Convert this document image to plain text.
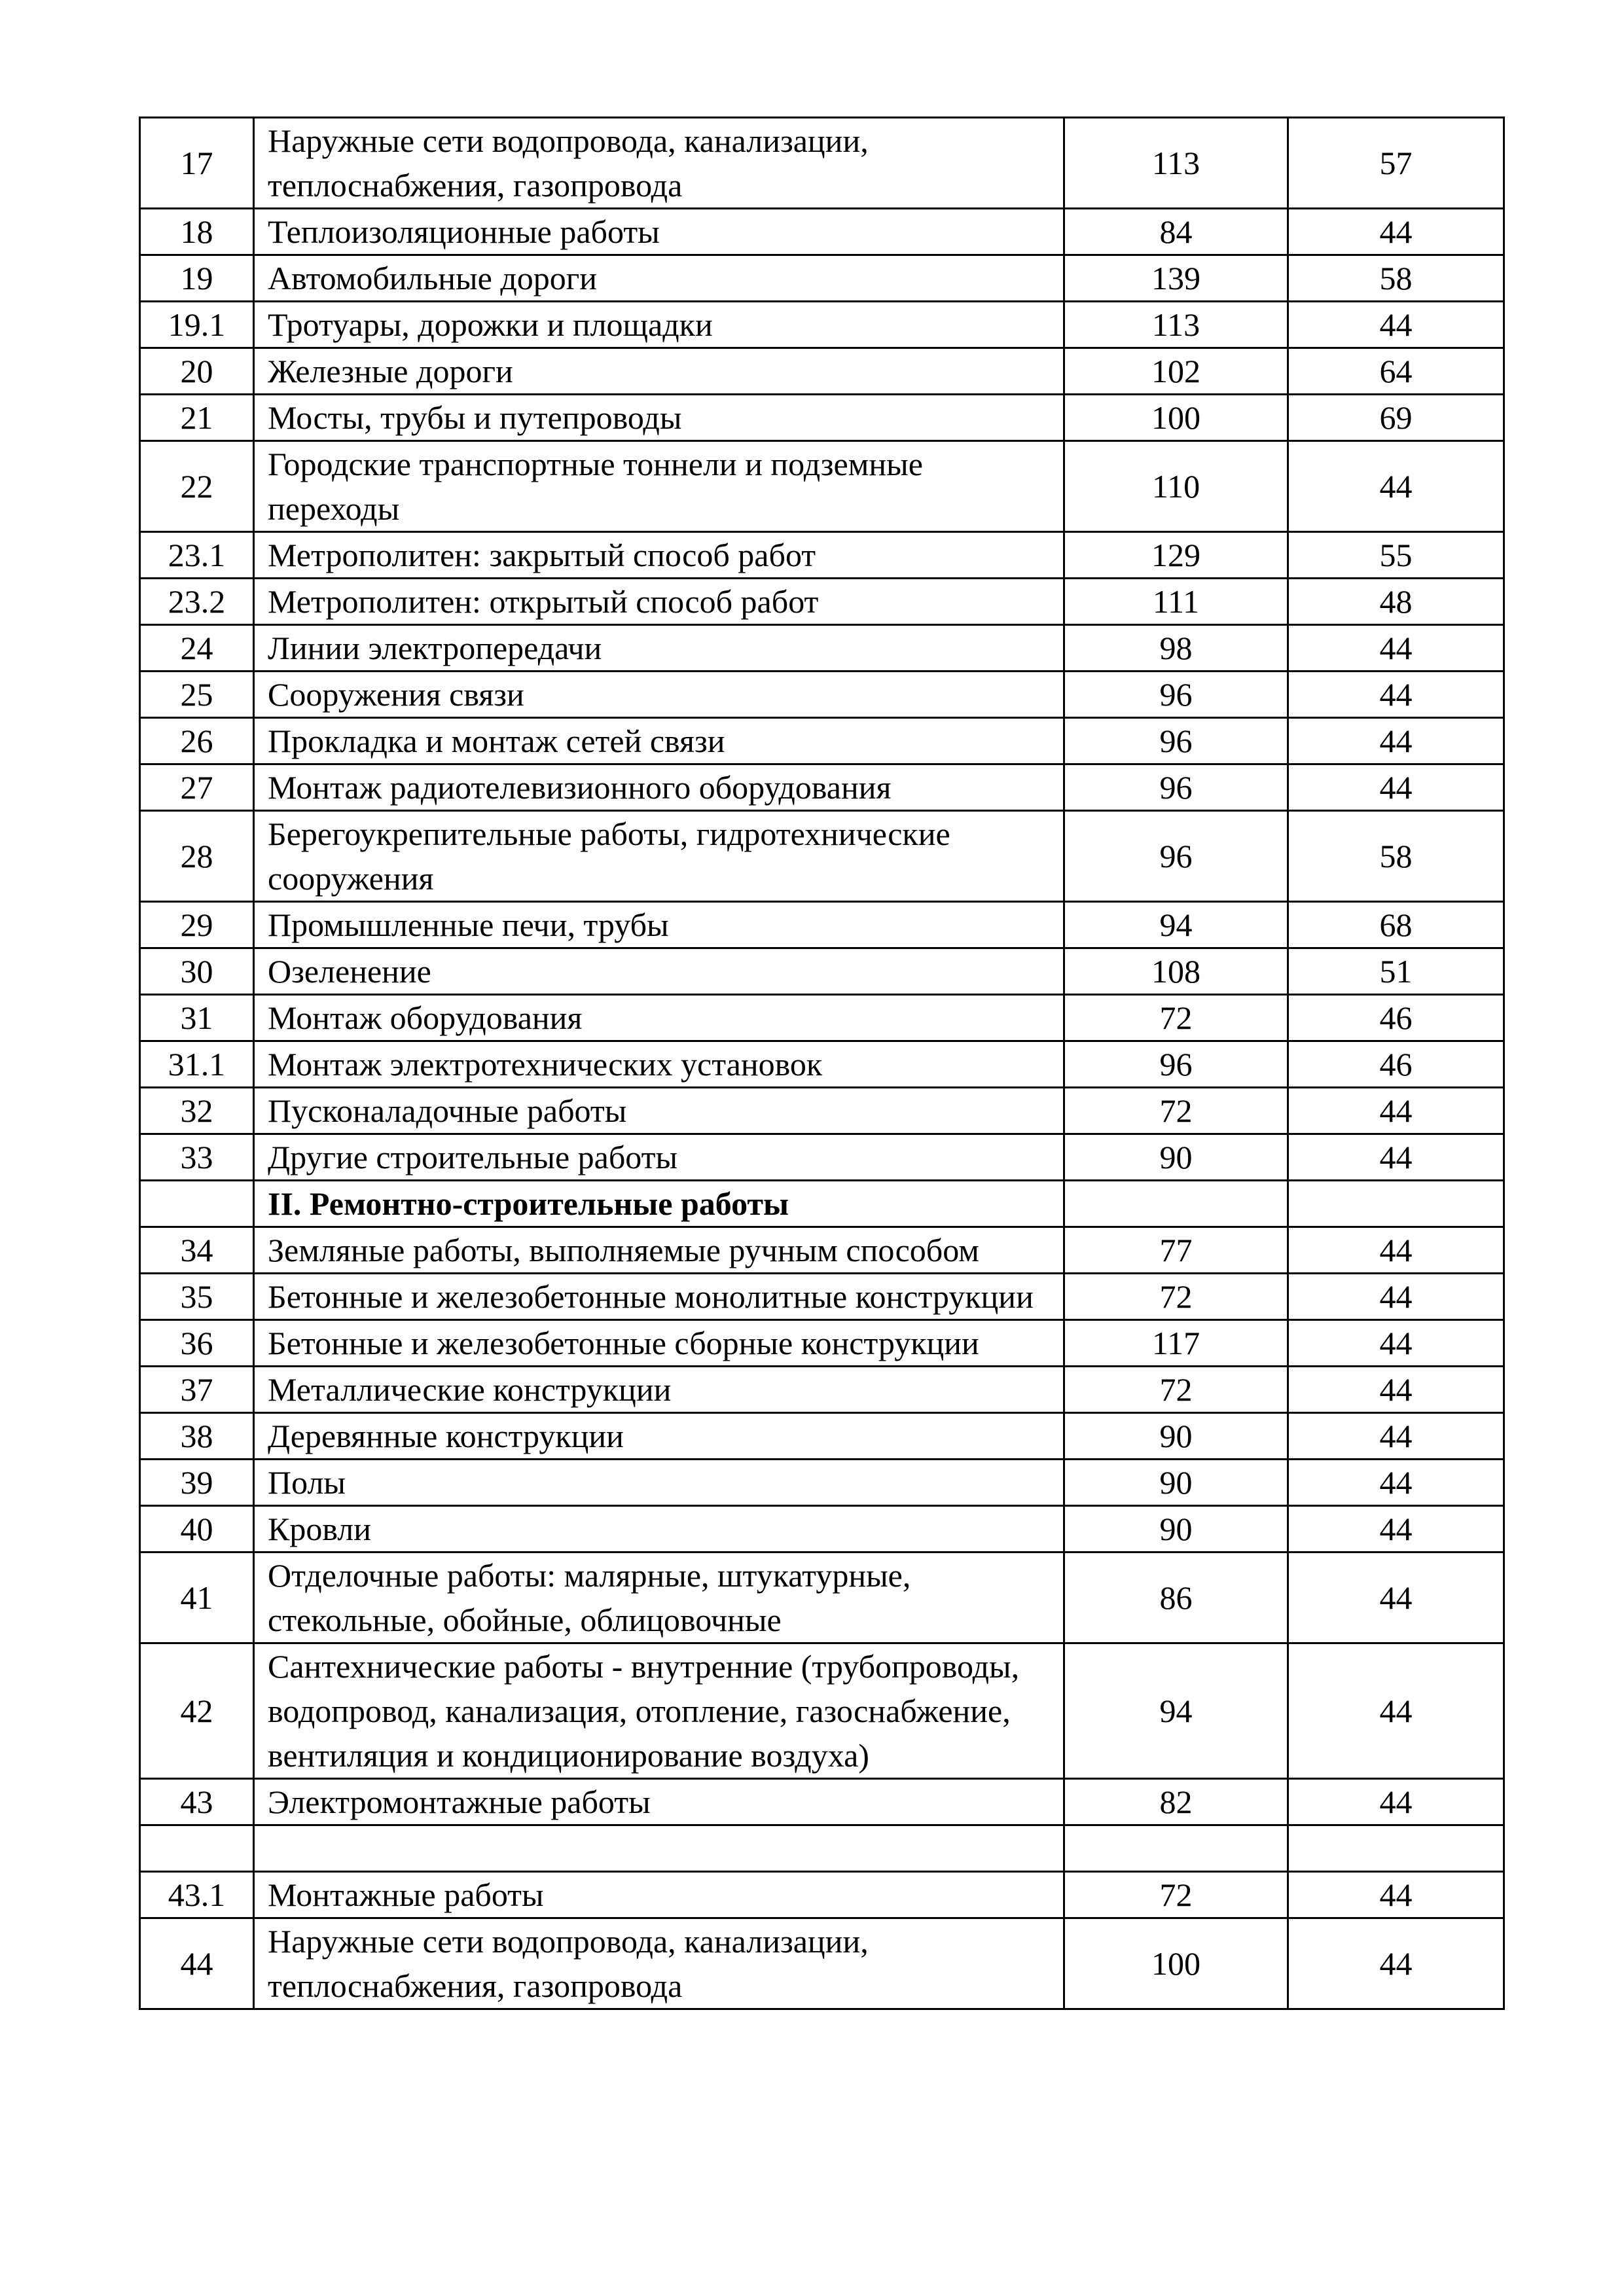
17	Наружные сети водопровода, канализации, теплоснабжения, газопровода	113	57
18	Теплоизоляционные работы	84	44
19	Автомобильные дороги	139	58
19.1	Тротуары, дорожки и площадки	113	44
20	Железные дороги	102	64
21	Мосты, трубы и путепроводы	100	69
22	Городские транспортные тоннели и подземные переходы	110	44
23.1	Метрополитен: закрытый способ работ	129	55
23.2	Метрополитен: открытый способ работ	111	48
24	Линии электропередачи	98	44
25	Сооружения связи	96	44
26	Прокладка и монтаж сетей связи	96	44
27	Монтаж радиотелевизионного оборудования	96	44
28	Берегоукрепительные работы, гидротехнические сооружения	96	58
29	Промышленные печи, трубы	94	68
30	Озеленение	108	51
31	Монтаж оборудования	72	46
31.1	Монтаж электротехнических установок	96	46
32	Пусконаладочные работы	72	44
33	Другие строительные работы	90	44
	II. Ремонтно-строительные работы		
34	Земляные работы, выполняемые ручным способом	77	44
35	Бетонные и железобетонные монолитные конструкции	72	44
36	Бетонные и железобетонные сборные конструкции	117	44
37	Металлические конструкции	72	44
38	Деревянные конструкции	90	44
39	Полы	90	44
40	Кровли	90	44
41	Отделочные работы: малярные, штукатурные, стекольные, обойные, облицовочные	86	44
42	Сантехнические работы - внутренние (трубопроводы, водопровод, канализация, отопление, газоснабжение, вентиляция и кондиционирование воздуха)	94	44
43	Электромонтажные работы	82	44

43.1	Монтажные работы	72	44
44	Наружные сети водопровода, канализации, теплоснабжения, газопровода	100	44
